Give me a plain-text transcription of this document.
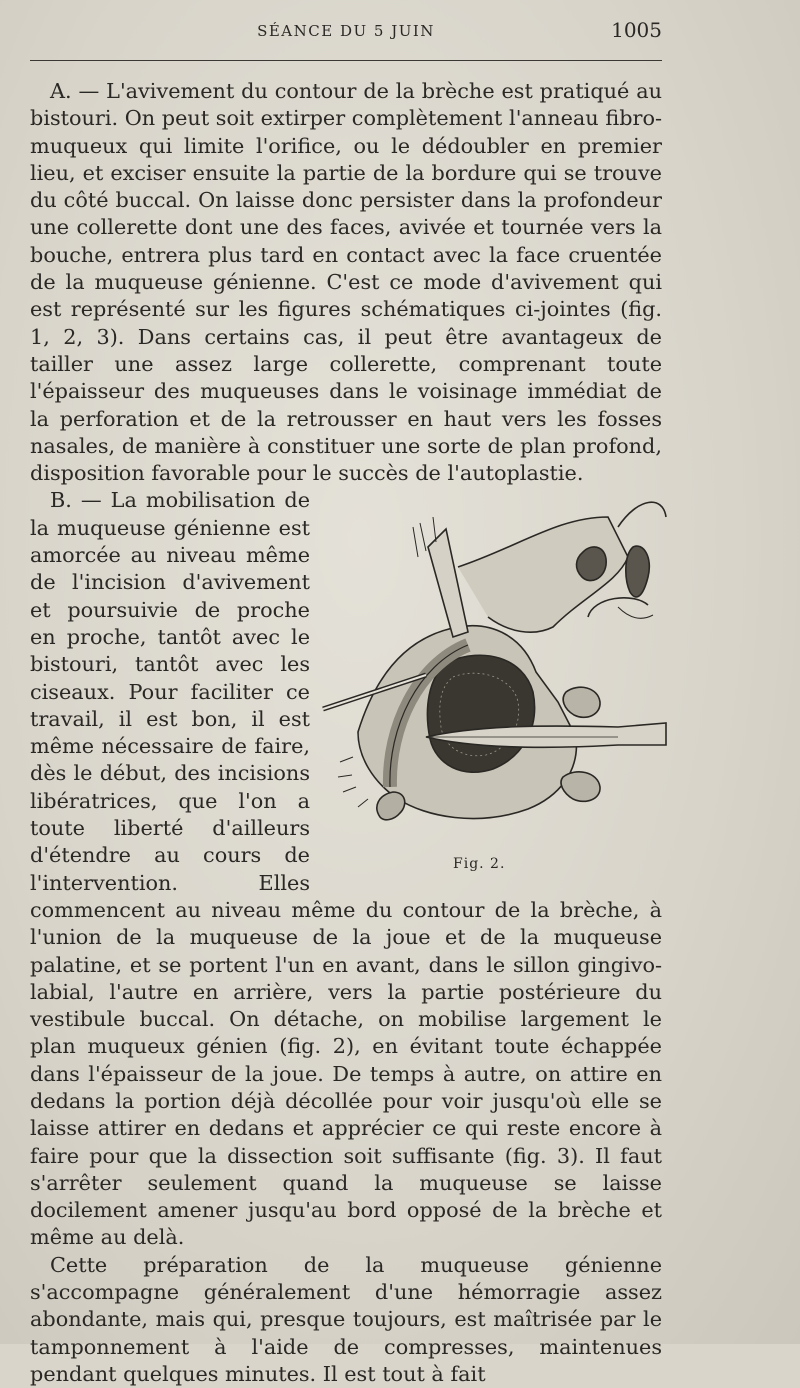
SÉANCE DU 5 JUIN	1005

A. — L'avivement du contour de la brèche est pratiqué au bistouri. On peut soit extirper complètement l'anneau fibro-muqueux qui limite l'orifice, ou le dédoubler en premier lieu, et exciser ensuite la partie de la bordure qui se trouve du côté buccal. On laisse donc persister dans la profondeur une collerette dont une des faces, avivée et tournée vers la bouche, entrera plus tard en contact avec la face cruentée de la muqueuse génienne. C'est ce mode d'avivement qui est représenté sur les figures schématiques ci-jointes (fig. 1, 2, 3). Dans certains cas, il peut être avantageux de tailler une assez large collerette, comprenant toute l'épaisseur des muqueuses dans le voisinage immédiat de la perforation et de la retrousser en haut vers les fosses nasales, de manière à constituer une sorte de plan profond, disposition favorable pour le succès de l'autoplastie.

Fig. 2.

B. — La mobilisation de la muqueuse génienne est amorcée au niveau même de l'incision d'avivement et poursuivie de proche en proche, tantôt avec le bistouri, tantôt avec les ciseaux. Pour faciliter ce travail, il est bon, il est même nécessaire de faire, dès le début, des incisions libératrices, que l'on a toute liberté d'ailleurs d'étendre au cours de l'intervention. Elles commencent au niveau même du contour de la brèche, à l'union de la muqueuse de la joue et de la muqueuse palatine, et se portent l'un en avant, dans le sillon gingivo-labial, l'autre en arrière, vers la partie postérieure du vestibule buccal. On détache, on mobilise largement le plan muqueux génien (fig. 2), en évitant toute échappée dans l'épaisseur de la joue. De temps à autre, on attire en dedans la portion déjà décollée pour voir jusqu'où elle se laisse attirer en dedans et apprécier ce qui reste encore à faire pour que la dissection soit suffisante (fig. 3). Il faut s'arrêter seulement quand la muqueuse se laisse docilement amener jusqu'au bord opposé de la brèche et même au delà.

Cette préparation de la muqueuse génienne s'accompagne généralement d'une hémorragie assez abondante, mais qui, presque toujours, est maîtrisée par le tamponnement à l'aide de compresses, maintenues pendant quelques minutes. Il est tout à fait
